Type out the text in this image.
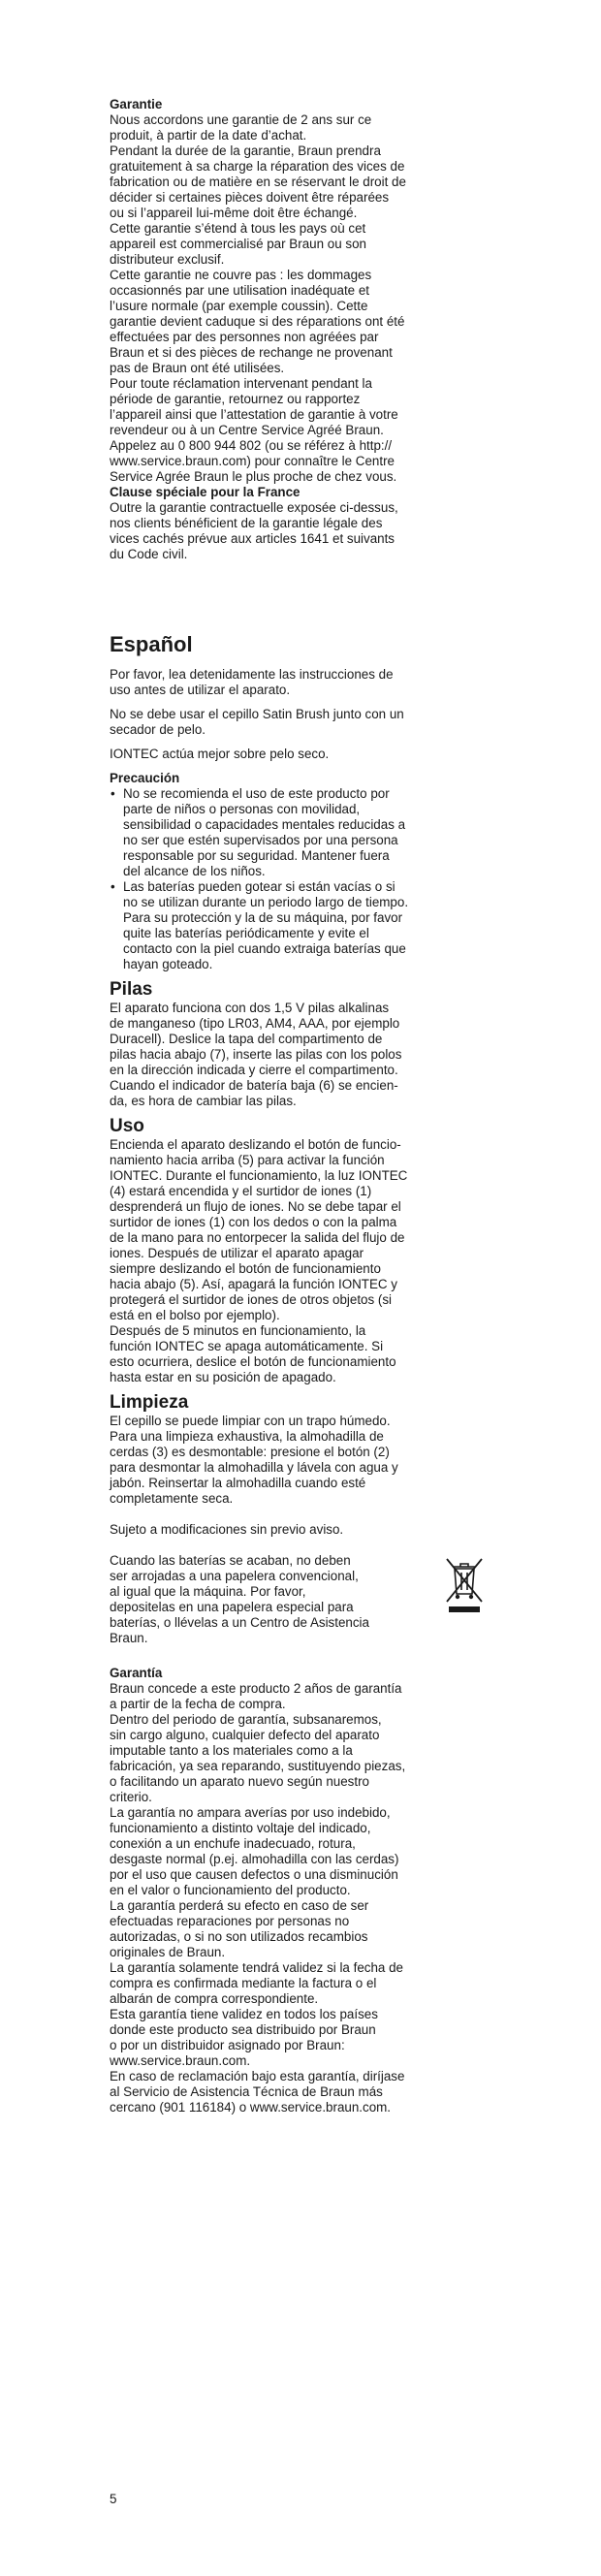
Garantie

Nous accordons une garantie de 2 ans sur ce
produit, à partir de la date d’achat.
Pendant la durée de la garantie, Braun prendra
gratuitement à sa charge la réparation des vices de
fabrication ou de matière en se réservant le droit de
décider si certaines pièces doivent être réparées
ou si l’appareil lui-même doit être échangé.
Cette garantie s’étend à tous les pays où cet
appareil est commercialisé par Braun ou son
distributeur exclusif.
Cette garantie ne couvre pas : les dommages
occasionnés par une utilisation inadéquate et
l’usure normale (par exemple coussin). Cette
garantie devient caduque si des réparations ont été
effectuées par des personnes non agréées par
Braun et si des pièces de rechange ne provenant
pas de Braun ont été utilisées.
Pour toute réclamation intervenant pendant la
période de garantie, retournez ou rapportez
l’appareil ainsi que l’attestation de garantie à votre
revendeur ou à un Centre Service Agréé Braun.
Appelez au 0 800 944 802 (ou se référez à http://
www.service.braun.com) pour connaître le Centre
Service Agrée Braun le plus proche de chez vous.

Clause spéciale pour la France

Outre la garantie contractuelle exposée ci-dessus,
nos clients bénéficient de la garantie légale des
vices cachés prévue aux articles 1641 et suivants
du Code civil.

Español

Por favor, lea detenidamente las instrucciones de
uso antes de utilizar el aparato.
No se debe usar el cepillo Satin Brush junto con un
secador de pelo.
IONTEC actúa mejor sobre pelo seco.

Precaución

• No se recomienda el uso de este producto por
parte de niños o personas con movilidad,
sensibilidad o capacidades mentales reducidas a
no ser que estén supervisados por una persona
responsable por su seguridad. Mantener fuera
del alcance de los niños.
• Las baterías pueden gotear si están vacías o si
no se utilizan durante un periodo largo de tiempo.
Para su protección y la de su máquina, por favor
quite las baterías periódicamente y evite el
contacto con la piel cuando extraiga baterías que
hayan goteado.

Pilas

El aparato funciona con dos 1,5 V pilas alkalinas
de manganeso (tipo LR03, AM4, AAA, por ejemplo
Duracell). Deslice la tapa del compartimento de
pilas hacia abajo (7), inserte las pilas con los polos
en la dirección indicada y cierre el compartimento.
Cuando el indicador de batería baja (6) se encien-
da, es hora de cambiar las pilas.

Uso

Encienda el aparato deslizando el botón de funcio-
namiento hacia arriba (5) para activar la función
IONTEC. Durante el funcionamiento, la luz IONTEC
(4) estará encendida y el surtidor de iones (1)
desprenderá un flujo de iones. No se debe tapar el
surtidor de iones (1) con los dedos o con la palma
de la mano para no entorpecer la salida del flujo de
iones. Después de utilizar el aparato apagar
siempre deslizando el botón de funcionamiento
hacia abajo (5). Así, apagará la función IONTEC y
protegerá el surtidor de iones de otros objetos (si
está en el bolso por ejemplo).
Después de 5 minutos en funcionamiento, la
función IONTEC se apaga automáticamente. Si
esto ocurriera, deslice el botón de funcionamiento
hasta estar en su posición de apagado.

Limpieza

El cepillo se puede limpiar con un trapo húmedo.
Para una limpieza exhaustiva, la almohadilla de
cerdas (3) es desmontable: presione el botón (2)
para desmontar la almohadilla y lávela con agua y
jabón. Reinsertar la almohadilla cuando esté
completamente seca.
Sujeto a modificaciones sin previo aviso.
Cuando las baterías se acaban, no deben
ser arrojadas a una papelera convencional,
al igual que la máquina. Por favor,
depositelas en una papelera especial para
baterías, o llévelas a un Centro de Asistencia
Braun.

Garantía

Braun concede a este producto 2 años de garantía
a partir de la fecha de compra.
Dentro del periodo de garantía, subsanaremos,
sin cargo alguno, cualquier defecto del aparato
imputable tanto a los materiales como a la
fabricación, ya sea reparando, sustituyendo piezas,
o facilitando un aparato nuevo según nuestro
criterio.
La garantía no ampara averías por uso indebido,
funcionamiento a distinto voltaje del indicado,
conexión a un enchufe inadecuado, rotura,
desgaste normal (p.ej. almohadilla con las cerdas)
por el uso que causen defectos o una disminución
en el valor o funcionamiento del producto.
La garantía perderá su efecto en caso de ser
efectuadas reparaciones por personas no
autorizadas, o si no son utilizados recambios
originales de Braun.
La garantía solamente tendrá validez si la fecha de
compra es confirmada mediante la factura o el
albarán de compra correspondiente.
Esta garantía tiene validez en todos los países
donde este producto sea distribuido por Braun
o por un distribuidor asignado por Braun:
www.service.braun.com.
En caso de reclamación bajo esta garantía, diríjase
al Servicio de Asistencia Técnica de Braun más
cercano (901 116184) o www.service.braun.com.
5
